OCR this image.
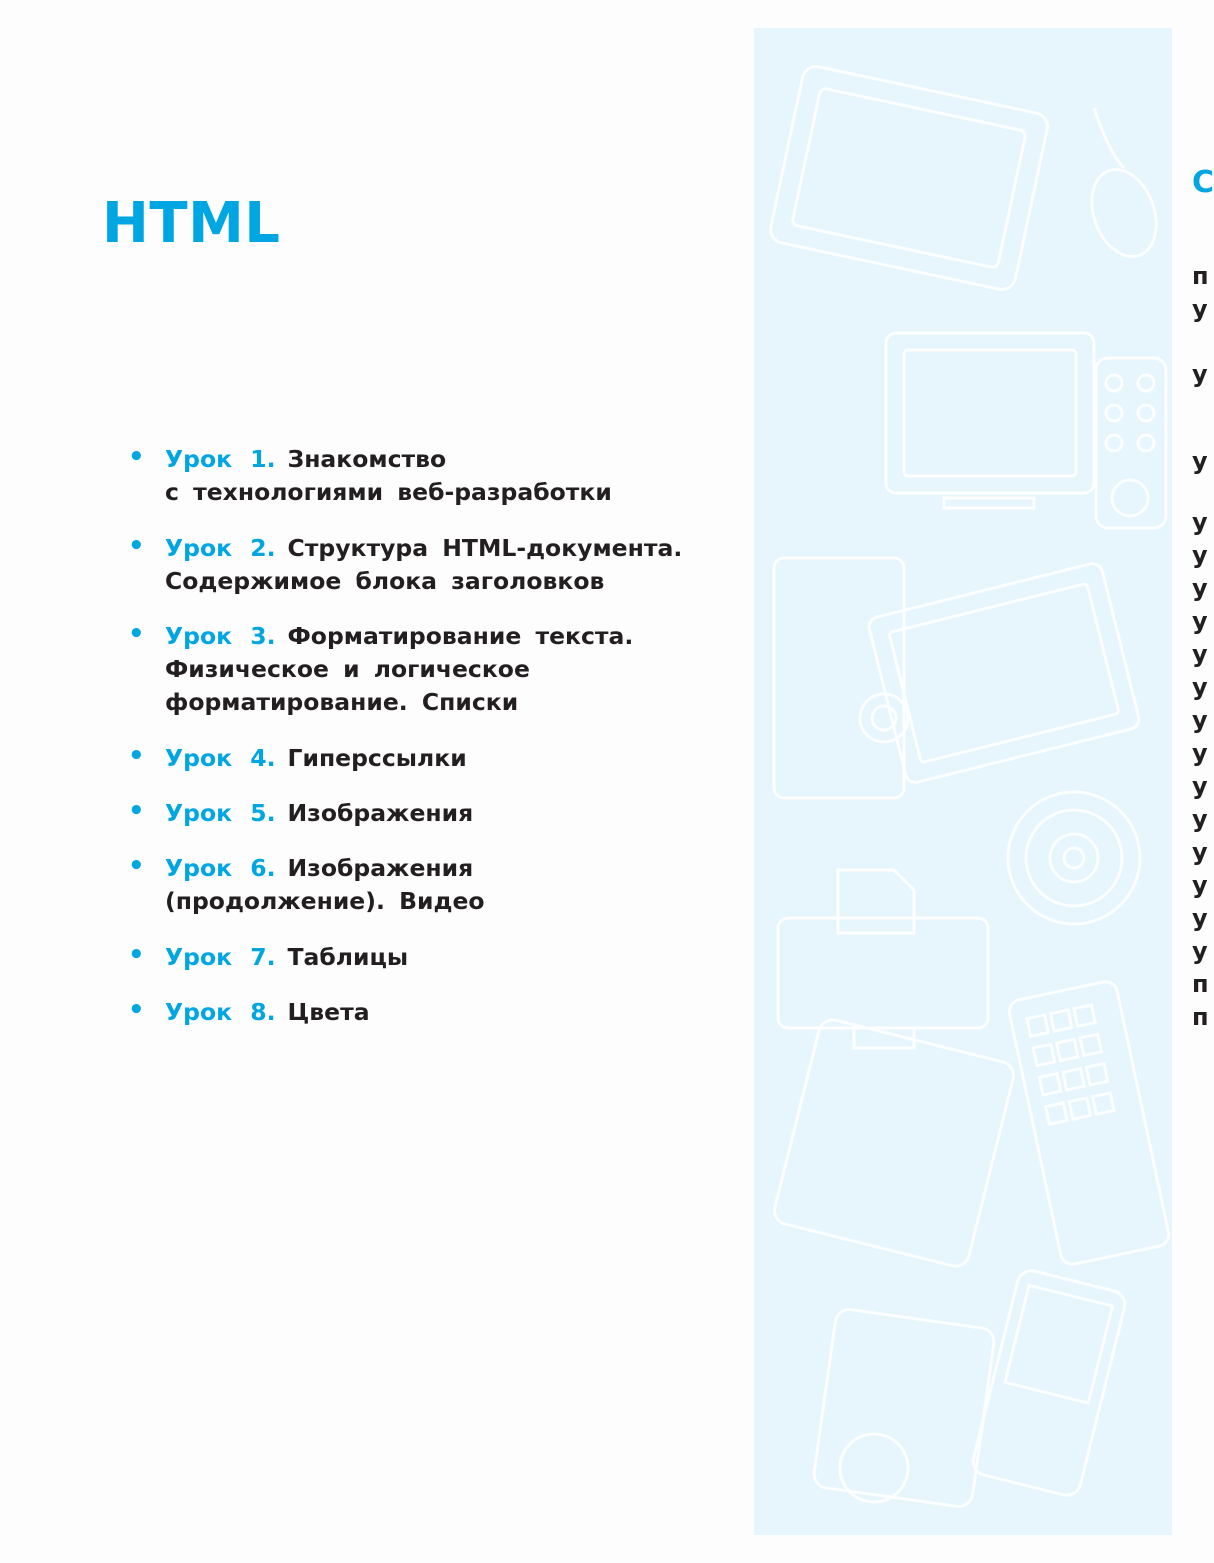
HTML
• Урок 1. Знакомство
с технологиями веб-разработки
• Урок 2. Структура HTML-документа.
Содержимое блока заголовков
• Урок 3. Форматирование текста.
Физическое и логическое
форматирование. Списки
• Урок 4. Гиперссылки
• Урок 5. Изображения
• Урок 6. Изображения
(продолжение). Видео
• Урок 7. Таблицы
• Урок 8. Цвета
С
п
у
у
у
у
у
у
у
у
у
у
у
у
у
у
у
у
у
п
п
